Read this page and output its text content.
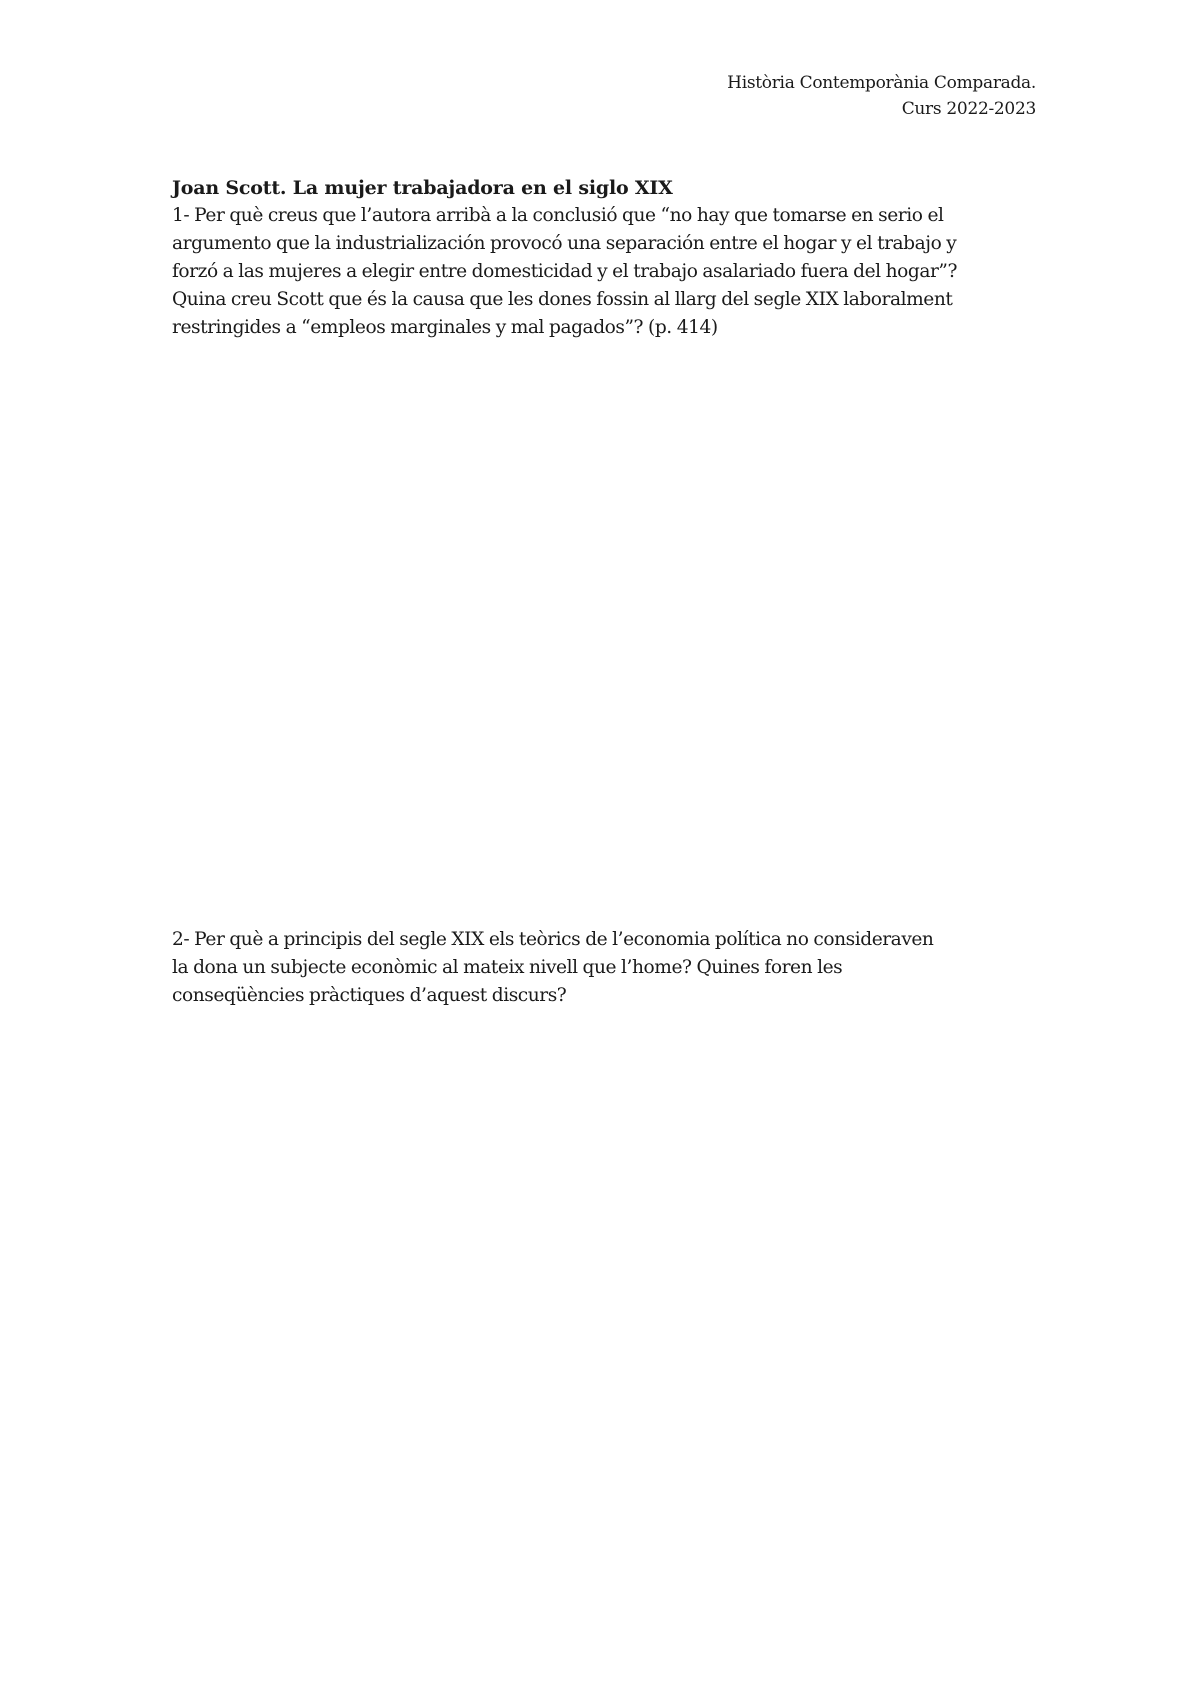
Història Contemporània Comparada.
Curs 2022-2023
Joan Scott. La mujer trabajadora en el siglo XIX

1- Per què creus que l’autora arribà a la conclusió que “no hay que tomarse en serio el
argumento que la industrialización provocó una separación entre el hogar y el trabajo y
forzó a las mujeres a elegir entre domesticidad y el trabajo asalariado fuera del hogar”?
Quina creu Scott que és la causa que les dones fossin al llarg del segle XIX laboralment
restringides a “empleos marginales y mal pagados”? (p. 414)

2- Per què a principis del segle XIX els teòrics de l’economia política no consideraven
la dona un subjecte econòmic al mateix nivell que l’home? Quines foren les
conseqüències pràctiques d’aquest discurs?
